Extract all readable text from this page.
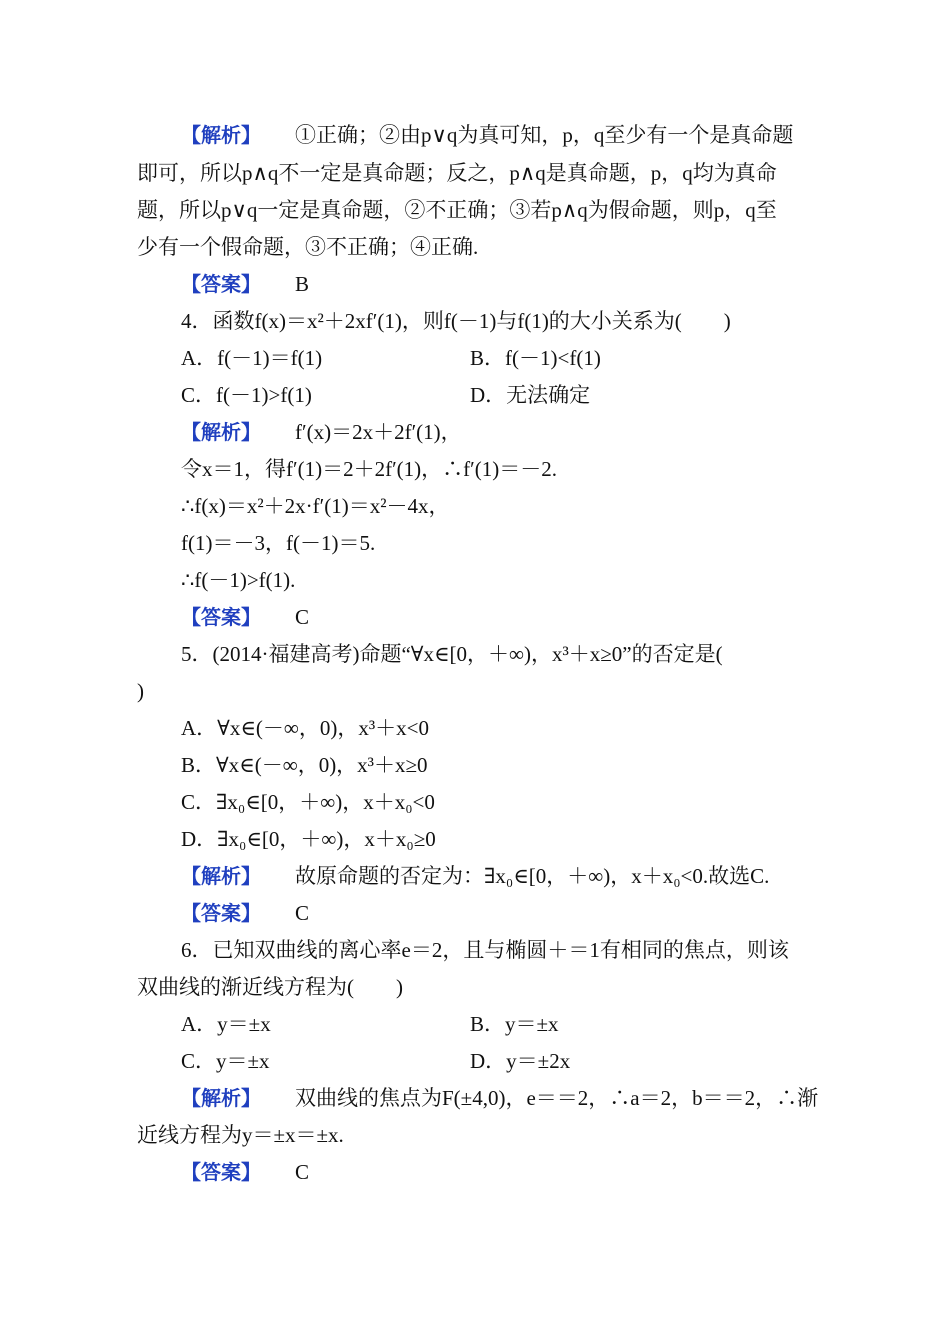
【解析】 ①正确；②由p∨q为真可知，p，q至少有一个是真命题
即可，所以p∧q不一定是真命题；反之，p∧q是真命题，p，q均为真命
题，所以p∨q一定是真命题，②不正确；③若p∧q为假命题，则p，q至
少有一个假命题，③不正确；④正确.
【答案】 B
4．函数f(x)＝x²＋2xf′(1)，则f(－1)与f(1)的大小关系为(　　)
A．f(－1)＝f(1)	B．f(－1)<f(1)
C．f(－1)>f(1)	D．无法确定
【解析】 f′(x)＝2x＋2f′(1)，
令x＝1，得f′(1)＝2＋2f′(1)，∴f′(1)＝－2.
∴f(x)＝x²＋2x·f′(1)＝x²－4x，
f(1)＝－3，f(－1)＝5.
∴f(－1)>f(1).
【答案】 C
5．(2014·福建高考)命题“∀x∈[0，＋∞)，x³＋x≥0”的否定是(
)
A．∀x∈(－∞，0)，x³＋x<0
B．∀x∈(－∞，0)，x³＋x≥0
C．∃x₀∈[0，＋∞)，x＋x₀<0
D．∃x₀∈[0，＋∞)，x＋x₀≥0
【解析】 故原命题的否定为：∃x₀∈[0，＋∞)，x＋x₀<0.故选C.
【答案】 C
6．已知双曲线的离心率e＝2，且与椭圆＋＝1有相同的焦点，则该
双曲线的渐近线方程为(　　)
A．y＝±x	B．y＝±x
C．y＝±x	D．y＝±2x
【解析】 双曲线的焦点为F(±4,0)，e＝＝2，∴a＝2，b＝＝2，∴渐
近线方程为y＝±x＝±x.
【答案】 C
